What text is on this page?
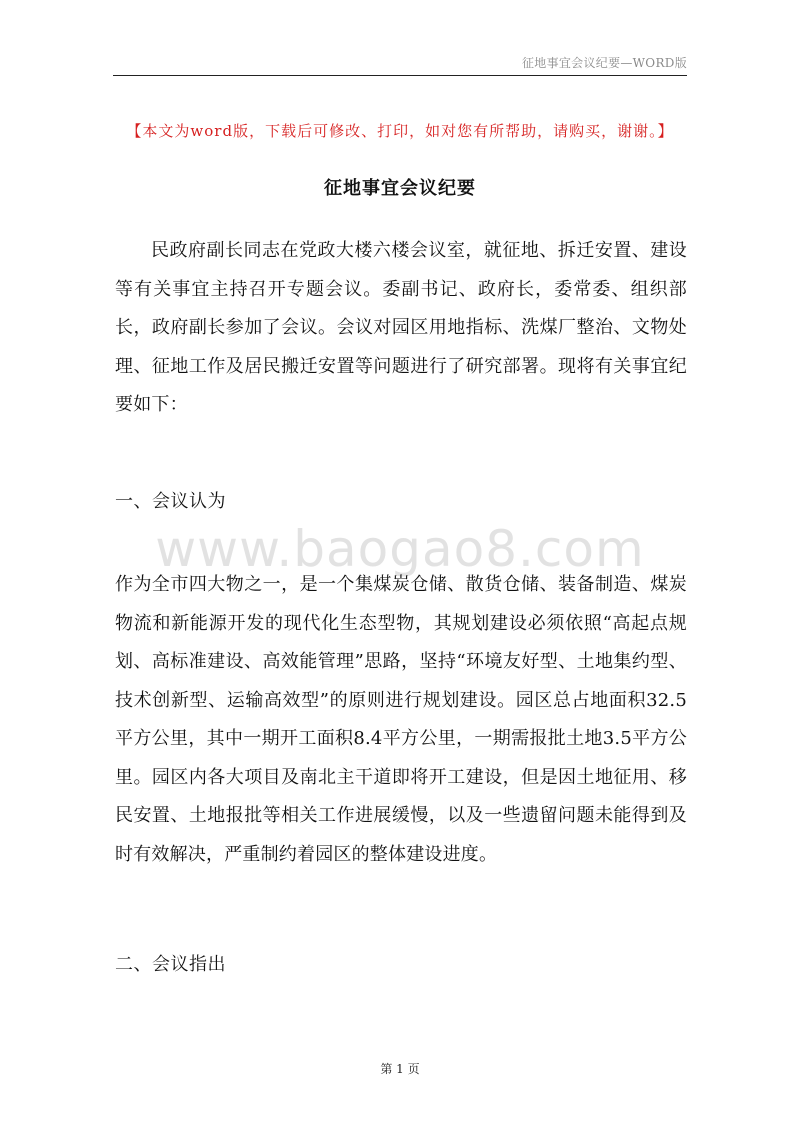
征地事宜会议纪要—WORD版
【本文为word版，下载后可修改、打印，如对您有所帮助，请购买，谢谢。】
征地事宜会议纪要

民政府副长同志在党政大楼六楼会议室，就征地、拆迁安置、建设等有关事宜主持召开专题会议。委副书记、政府长，委常委、组织部长，政府副长参加了会议。会议对园区用地指标、洗煤厂整治、文物处理、征地工作及居民搬迁安置等问题进行了研究部署。现将有关事宜纪要如下：

一、会议认为

www.baogao8.com

作为全市四大物之一，是一个集煤炭仓储、散货仓储、装备制造、煤炭物流和新能源开发的现代化生态型物，其规划建设必须依照“高起点规划、高标准建设、高效能管理”思路，坚持“环境友好型、土地集约型、技术创新型、运输高效型”的原则进行规划建设。园区总占地面积32.5平方公里，其中一期开工面积8.4平方公里，一期需报批土地3.5平方公里。园区内各大项目及南北主干道即将开工建设，但是因土地征用、移民安置、土地报批等相关工作进展缓慢，以及一些遗留问题未能得到及时有效解决，严重制约着园区的整体建设进度。

二、会议指出

第 1 页
